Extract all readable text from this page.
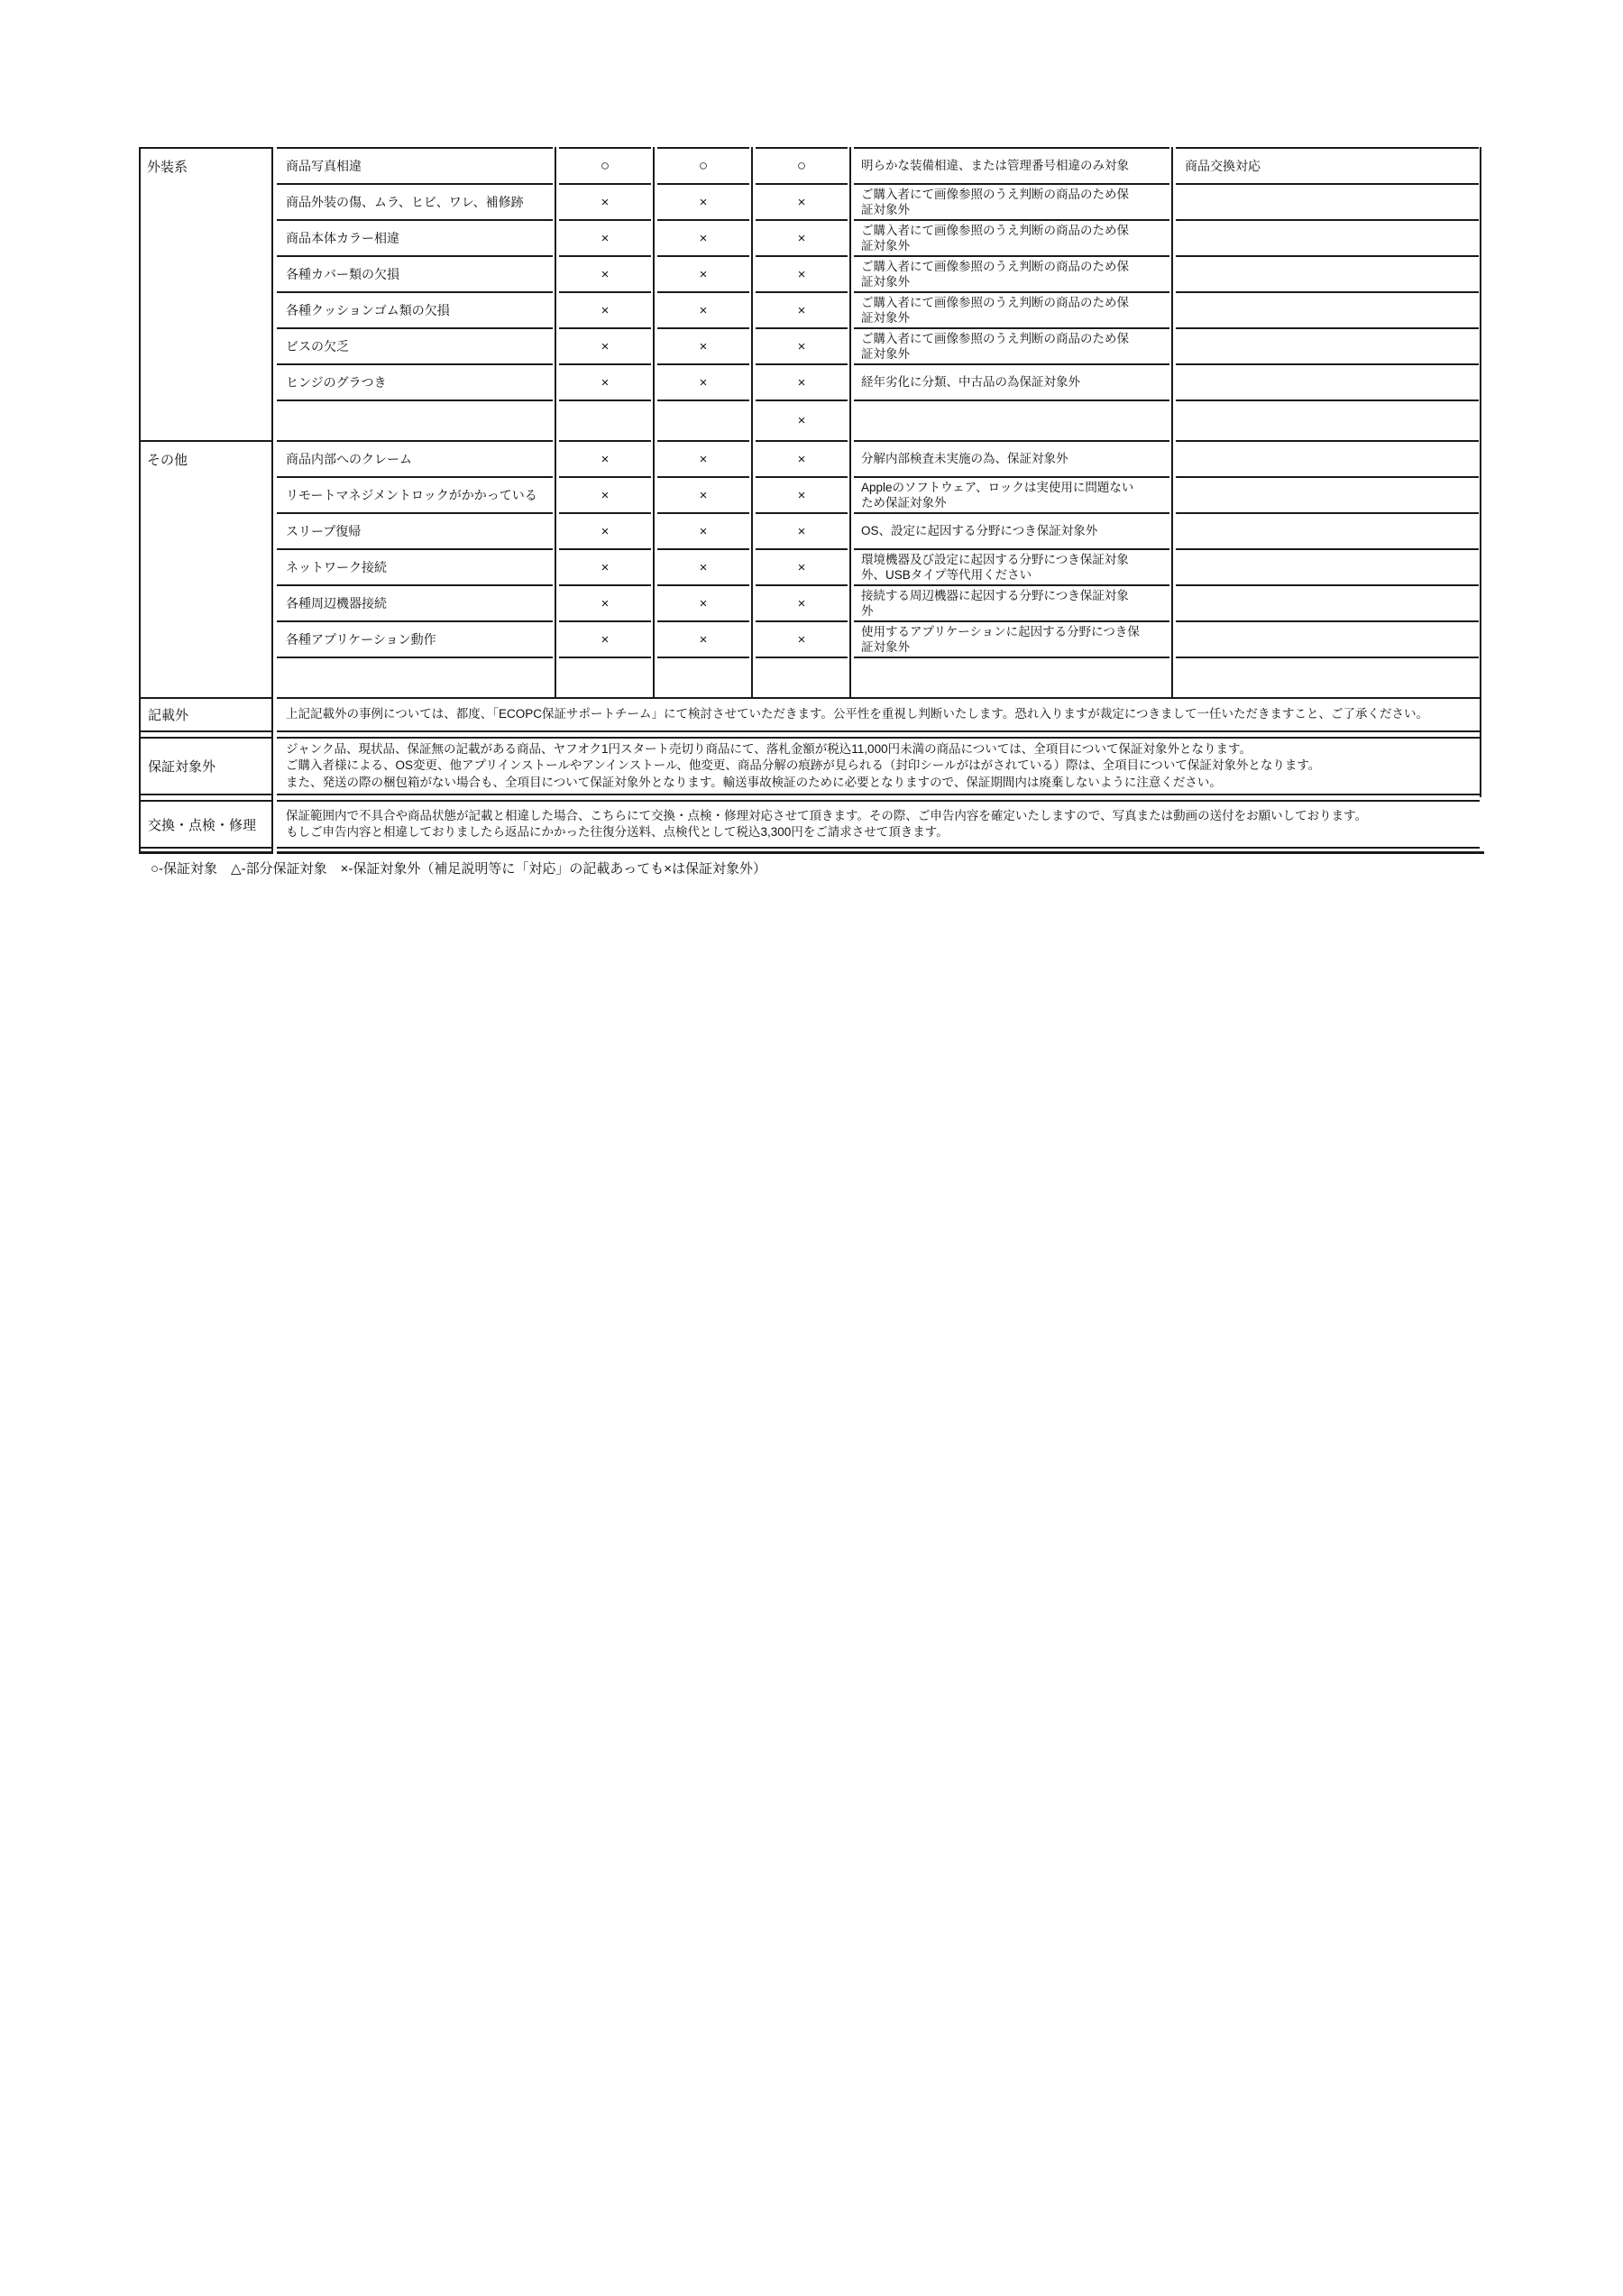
外装系
その他
商品写真相違
商品外装の傷、ムラ、ヒビ、ワレ、補修跡
商品本体カラー相違
各種カバー類の欠損
各種クッションゴム類の欠損
ビスの欠乏
ヒンジのグラつき
商品内部へのクレーム
リモートマネジメントロックがかかっている
スリープ復帰
ネットワーク接続
各種周辺機器接続
各種アプリケーション動作
○
×
×
×
×
×
×
×
×
×
×
×
×
○
×
×
×
×
×
×
×
×
×
×
×
×
○
×
×
×
×
×
×
×
×
×
×
×
×
×
明らかな装備相違、または管理番号相違のみ対象
ご購入者にて画像参照のうえ判断の商品のため保証対象外
ご購入者にて画像参照のうえ判断の商品のため保証対象外
ご購入者にて画像参照のうえ判断の商品のため保証対象外
ご購入者にて画像参照のうえ判断の商品のため保証対象外
ご購入者にて画像参照のうえ判断の商品のため保証対象外
経年劣化に分類、中古品の為保証対象外
分解内部検査未実施の為、保証対象外
Appleのソフトウェア、ロックは実使用に問題ないため保証対象外
OS、設定に起因する分野につき保証対象外
環境機器及び設定に起因する分野につき保証対象外、USBタイプ等代用ください
接続する周辺機器に起因する分野につき保証対象外
使用するアプリケーションに起因する分野につき保証対象外
商品交換対応
記載外	上記記載外の事例については、都度、「ECOPC保証サポートチーム」にて検討させていただきます。公平性を重視し判断いたします。恐れ入りますが裁定につきまして一任いただきますこと、ご了承ください。
保証対象外
ジャンク品、現状品、保証無の記載がある商品、ヤフオク1円スタート売切り商品にて、落札金額が税込11,000円未満の商品については、全項目について保証対象外となります。
ご購入者様による、OS変更、他アプリインストールやアンインストール、他変更、商品分解の痕跡が見られる（封印シールがはがされている）際は、全項目について保証対象外となります。
また、発送の際の梱包箱がない場合も、全項目について保証対象外となります。輸送事故検証のために必要となりますので、保証期間内は廃棄しないように注意ください。
交換・点検・修理
保証範囲内で不具合や商品状態が記載と相違した場合、こちらにて交換・点検・修理対応させて頂きます。その際、ご申告内容を確定いたしますので、写真または動画の送付をお願いしております。
もしご申告内容と相違しておりましたら返品にかかった往復分送料、点検代として税込3,300円をご請求させて頂きます。
○-保証対象　△-部分保証対象　×-保証対象外（補足説明等に「対応」の記載あっても×は保証対象外）
